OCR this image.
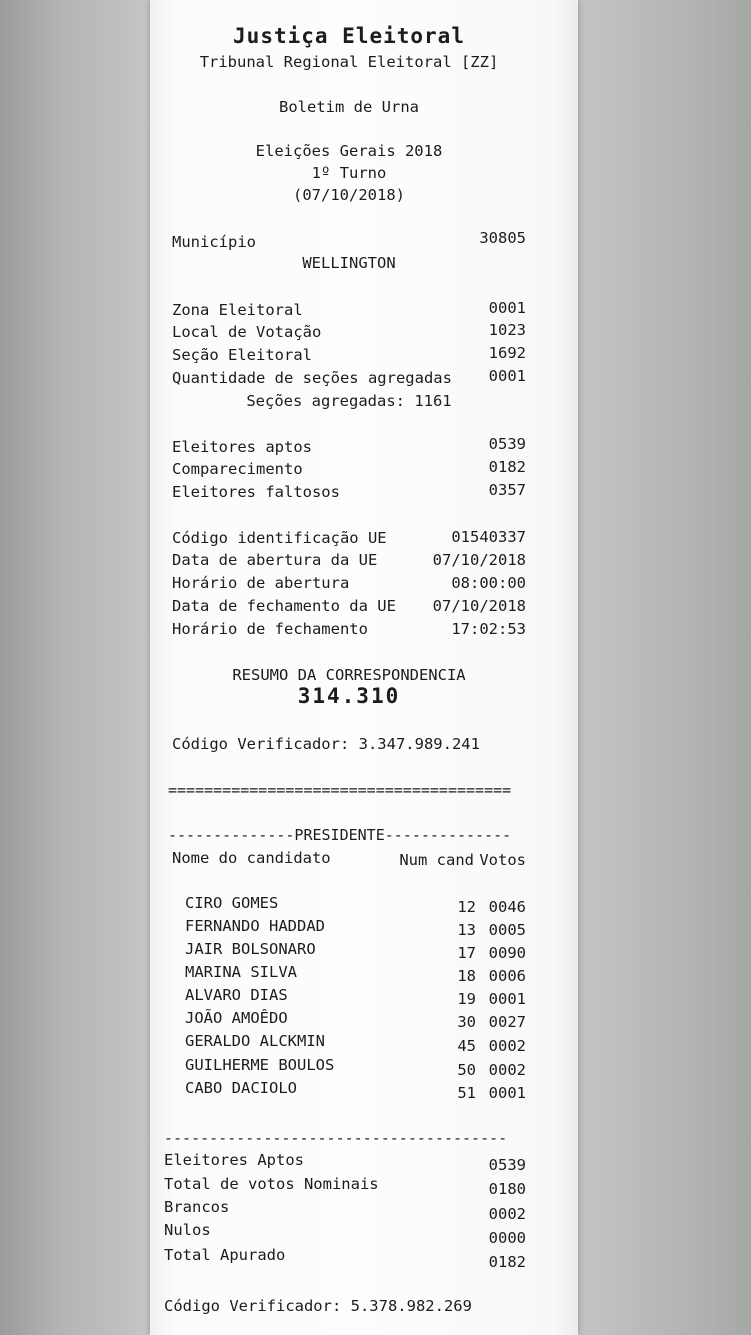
Justiça Eleitoral
Tribunal Regional Eleitoral [ZZ]
Boletim de Urna
Eleições Gerais 2018
1º Turno
(07/10/2018)
Município	30805
WELLINGTON
Zona Eleitoral	0001
Local de Votação	1023
Seção Eleitoral	1692
Quantidade de seções agregadas 0001
Seções agregadas: 1161
Eleitores aptos	0539
Comparecimento	0182
Eleitores faltosos	0357
Código identificação UE	01540337
Data de abertura da UE	07/10/2018
Horário de abertura	08:00:00
Data de fechamento da UE 07/10/2018
Horário de fechamento	17:02:53
RESUMO DA CORRESPONDENCIA
314.310
Código Verificador: 3.347.989.241
======================================
--------------PRESIDENTE--------------
Nome do candidato	Num cand Votos
CIRO GOMES	12 0046
FERNANDO HADDAD	13 0005
JAIR BOLSONARO	17 0090
MARINA SILVA	18 0006
ALVARO DIAS	19 0001
JOÃO AMOÊDO	30 0027
GERALDO ALCKMIN	45 0002
GUILHERME BOULOS	50 0002
CABO DACIOLO	51 0001
--------------------------------------
Eleitores Aptos	0539
Total de votos Nominais	0180
Brancos	0002
Nulos	0000
Total Apurado	0182
Código Verificador: 5.378.982.269
